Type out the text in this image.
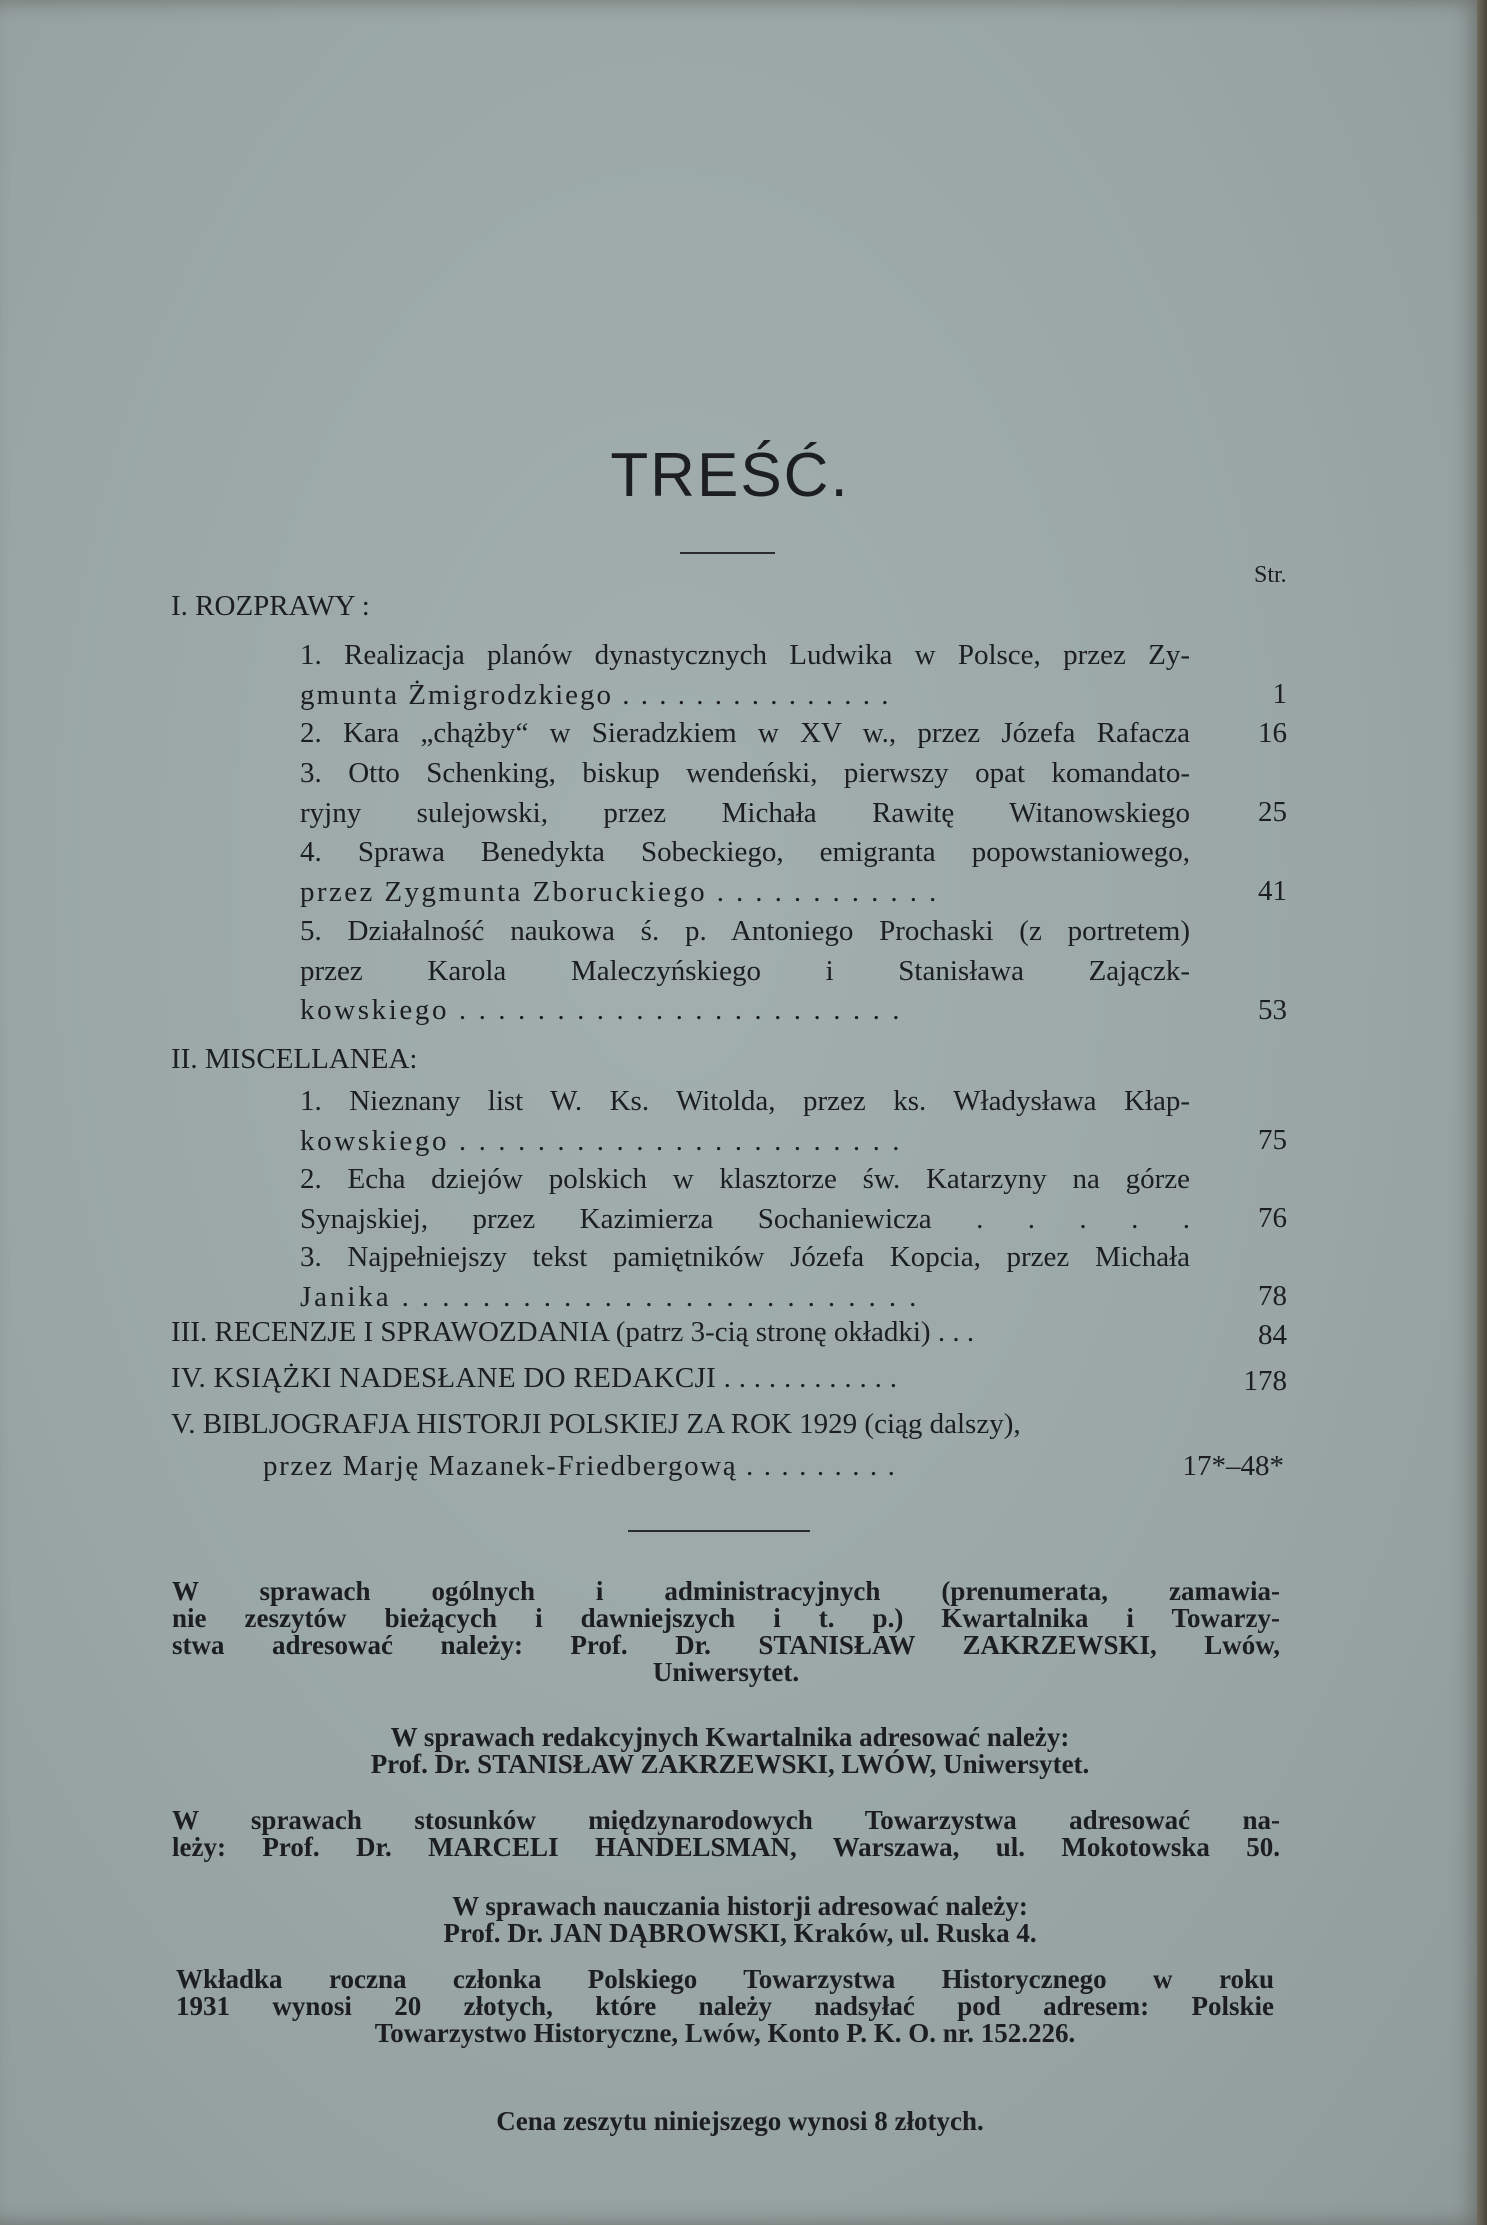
TREŚĆ.
Str.
I. ROZPRAWY :
1. Realizacja planów dynastycznych Ludwika w Polsce, przez Zy-
gmunta Żmigrodzkiego . . . . . . . . . . . . . . .	1
2. Kara „chążby“ w Sieradzkiem w XV w., przez Józefa Rafacza 16
3. Otto Schenking, biskup wendeński, pierwszy opat komandato-
ryjny sulejowski, przez Michała Rawitę Witanowskiego 25
4. Sprawa Benedykta Sobeckiego, emigranta popowstaniowego,
przez Zygmunta Zboruckiego . . . . . . . . . . . .	41
5. Działalność naukowa ś. p. Antoniego Prochaski (z portretem)
przez Karola Maleczyńskiego i Stanisława Zajączk-
kowskiego . . . . . . . . . . . . . . . . . . . . . . .	53
II. MISCELLANEA:
1. Nieznany list W. Ks. Witolda, przez ks. Władysława Kłap-
kowskiego . . . . . . . . . . . . . . . . . . . . . . .	75
2. Echa dziejów polskich w klasztorze św. Katarzyny na górze
Synajskiej, przez Kazimierza Sochaniewicza . . . . . 76
3. Najpełniejszy tekst pamiętników Józefa Kopcia, przez Michała
Janika . . . . . . . . . . . . . . . . . . . . . . . . . .	78
III. RECENZJE I SPRAWOZDANIA (patrz 3-cią stronę okładki) . . .	84
IV. KSIĄŻKI NADESŁANE DO REDAKCJI . . . . . . . . . . . .	178
V. BIBLJOGRAFJA HISTORJI POLSKIEJ ZA ROK 1929 (ciąg dalszy),
przez Marję Mazanek-Friedbergową . . . . . . . . .	17*–48*
W sprawach ogólnych i administracyjnych (prenumerata, zamawia-
nie zeszytów bieżących i dawniejszych i t. p.) Kwartalnika i Towarzy-
stwa adresować należy: Prof. Dr. STANISŁAW ZAKRZEWSKI, Lwów,
Uniwersytet.
W sprawach redakcyjnych Kwartalnika adresować należy:
Prof. Dr. STANISŁAW ZAKRZEWSKI, LWÓW, Uniwersytet.
W sprawach stosunków międzynarodowych Towarzystwa adresować na-
leży: Prof. Dr. MARCELI HANDELSMAN, Warszawa, ul. Mokotowska 50.
W sprawach nauczania historji adresować należy:
Prof. Dr. JAN DĄBROWSKI, Kraków, ul. Ruska 4.
Wkładka roczna członka Polskiego Towarzystwa Historycznego w roku
1931 wynosi 20 złotych, które należy nadsyłać pod adresem: Polskie
Towarzystwo Historyczne, Lwów, Konto P. K. O. nr. 152.226.
Cena zeszytu niniejszego wynosi 8 złotych.
